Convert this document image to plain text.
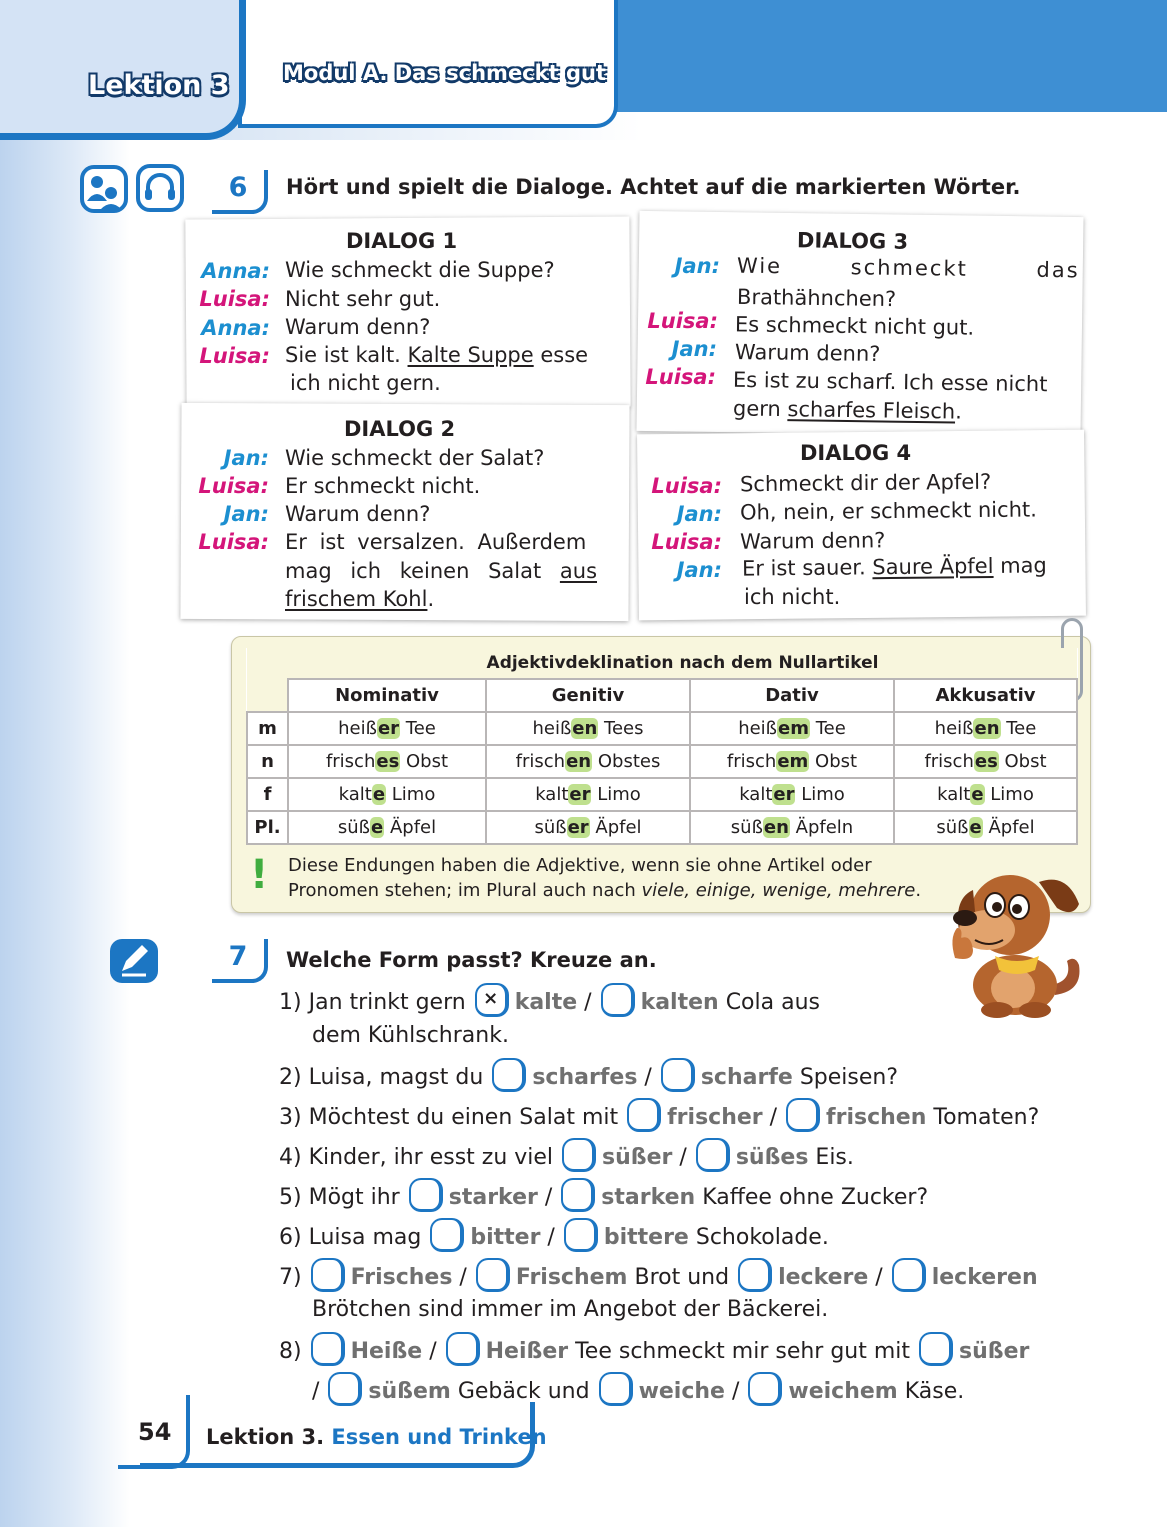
Lektion 3	Modul A. Das schmeckt gut
6	Hört und spielt die Dialoge. Achtet auf die markierten Wörter.
DIALOG 1
Anna: Wie schmeckt die Suppe?
Luisa: Nicht sehr gut.
Anna: Warum denn?
Luisa: Sie ist kalt. Kalte Suppe esse
ich nicht gern.
DIALOG 2
Jan: Wie schmeckt der Salat?
Luisa: Er schmeckt nicht.
Jan: Warum denn?
Luisa: Er ist versalzen. Außerdem
mag ich keinen Salat aus
frischem Kohl.
DIALOG 3
Jan: Wie schmeckt das
Brathähnchen?
Luisa: Es schmeckt nicht gut.
Jan: Warum denn?
Luisa: Es ist zu scharf. Ich esse nicht
gern scharfes Fleisch.
DIALOG 4
Luisa: Schmeckt dir der Apfel?
Jan: Oh, nein, er schmeckt nicht.
Luisa: Warum denn?
Jan: Er ist sauer. Saure Äpfel mag
ich nicht.
	Adjektivdeklination nach dem Nullartikel			
	Nominativ	Genitiv	Dativ	Akkusativ
m	heißer Tee	heißen Tees	heißem Tee	heißen Tee
n	frisches Obst	frischen Obstes	frischem Obst	frisches Obst
f	kalte Limo	kalter Limo	kalter Limo	kalte Limo
Pl.	süße Äpfel	süßer Äpfel	süßen Äpfeln	süße Äpfel
! Diese Endungen haben die Adjektive, wenn sie ohne Artikel oder
Pronomen stehen; im Plural auch nach viele, einige, wenige, mehrere.
7	Welche Form passt? Kreuze an.
1) Jan trinkt gern × kalte / kalten Cola aus
dem Kühlschrank.
2) Luisa, magst du scharfes / scharfe Speisen?
3) Möchtest du einen Salat mit frischer / frischen Tomaten?
4) Kinder, ihr esst zu viel süßer / süßes Eis.
5) Mögt ihr starker / starken Kaffee ohne Zucker?
6) Luisa mag bitter / bittere Schokolade.
7) Frisches / Frischem Brot und leckere / leckeren
Brötchen sind immer im Angebot der Bäckerei.
8) Heiße / Heißer Tee schmeckt mir sehr gut mit süßer
/ süßem Gebäck und weiche / weichem Käse.
54 Lektion 3. Essen und Trinken
